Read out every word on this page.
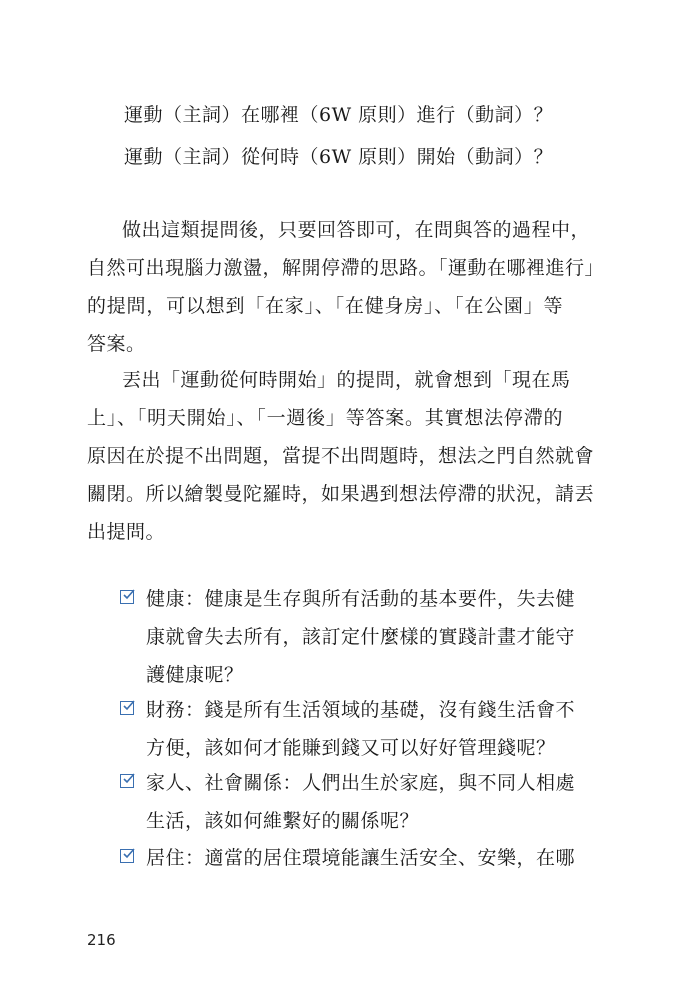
運動（主詞）在哪裡（6W 原則）進行（動詞）？
運動（主詞）從何時（6W 原則）開始（動詞）？
做出這類提問後，只要回答即可，在問與答的過程中，
自然可出現腦力激盪，解開停滯的思路。「運動在哪裡進行」
的提問，可以想到「在家」、「在健身房」、「在公園」等
答案。
丟出「運動從何時開始」的提問，就會想到「現在馬
上」、「明天開始」、「一週後」等答案。其實想法停滯的
原因在於提不出問題，當提不出問題時，想法之門自然就會
關閉。所以繪製曼陀羅時，如果遇到想法停滯的狀況，請丟
出提問。
健康：健康是生存與所有活動的基本要件，失去健
康就會失去所有，該訂定什麼樣的實踐計畫才能守
護健康呢？
財務：錢是所有生活領域的基礎，沒有錢生活會不
方便，該如何才能賺到錢又可以好好管理錢呢？
家人、社會關係：人們出生於家庭，與不同人相處
生活，該如何維繫好的關係呢？
居住：適當的居住環境能讓生活安全、安樂，在哪
216
